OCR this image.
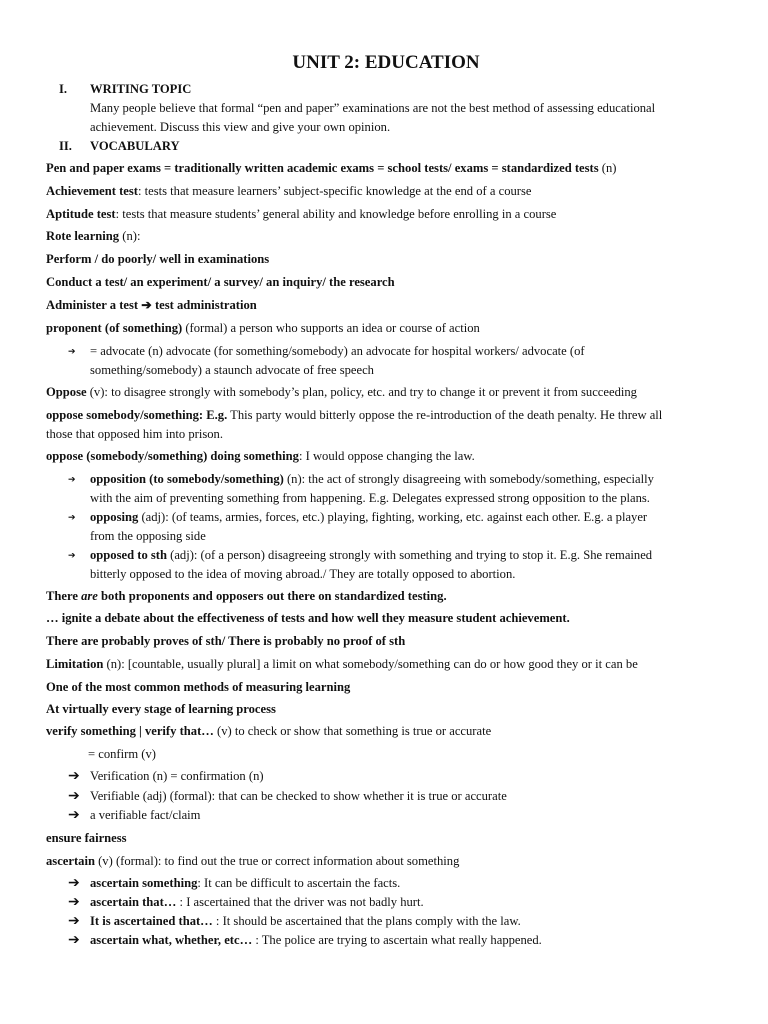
UNIT 2: EDUCATION
I. WRITING TOPIC
Many people believe that formal “pen and paper” examinations are not the best method of assessing educational
achievement. Discuss this view and give your own opinion.
II. VOCABULARY
Pen and paper exams = traditionally written academic exams = school tests/ exams = standardized tests (n)
Achievement test: tests that measure learners’ subject-specific knowledge at the end of a course
Aptitude test: tests that measure students’ general ability and knowledge before enrolling in a course
Rote learning (n):
Perform / do poorly/ well in examinations
Conduct a test/ an experiment/ a survey/ an inquiry/ the research
Administer a test ➔ test administration
proponent (of something) (formal) a person who supports an idea or course of action
➔	= advocate (n) advocate (for something/somebody) an advocate for hospital workers/ advocate (of
something/somebody) a staunch advocate of free speech
Oppose (v): to disagree strongly with somebody’s plan, policy, etc. and try to change it or prevent it from succeeding
oppose somebody/something: E.g. This party would bitterly oppose the re-introduction of the death penalty. He threw all
those that opposed him into prison.
oppose (somebody/something) doing something: I would oppose changing the law.
➔	opposition (to somebody/something) (n): the act of strongly disagreeing with somebody/something, especially
with the aim of preventing something from happening. E.g. Delegates expressed strong opposition to the plans.
➔	opposing (adj): (of teams, armies, forces, etc.) playing, fighting, working, etc. against each other. E.g. a player
from the opposing side
➔	opposed to sth (adj): (of a person) disagreeing strongly with something and trying to stop it. E.g. She remained
bitterly opposed to the idea of moving abroad./ They are totally opposed to abortion.
There are both proponents and opposers out there on standardized testing.
… ignite a debate about the effectiveness of tests and how well they measure student achievement.
There are probably proves of sth/ There is probably no proof of sth
Limitation (n): [countable, usually plural] a limit on what somebody/something can do or how good they or it can be
One of the most common methods of measuring learning
At virtually every stage of learning process
verify something | verify that… (v) to check or show that something is true or accurate
= confirm (v)
➔ Verification (n) = confirmation (n)
➔ Verifiable (adj) (formal): that can be checked to show whether it is true or accurate
➔ a verifiable fact/claim
ensure fairness
ascertain (v) (formal): to find out the true or correct information about something
➔ ascertain something: It can be difficult to ascertain the facts.
➔ ascertain that… : I ascertained that the driver was not badly hurt.
➔ It is ascertained that… : It should be ascertained that the plans comply with the law.
➔ ascertain what, whether, etc… : The police are trying to ascertain what really happened.
